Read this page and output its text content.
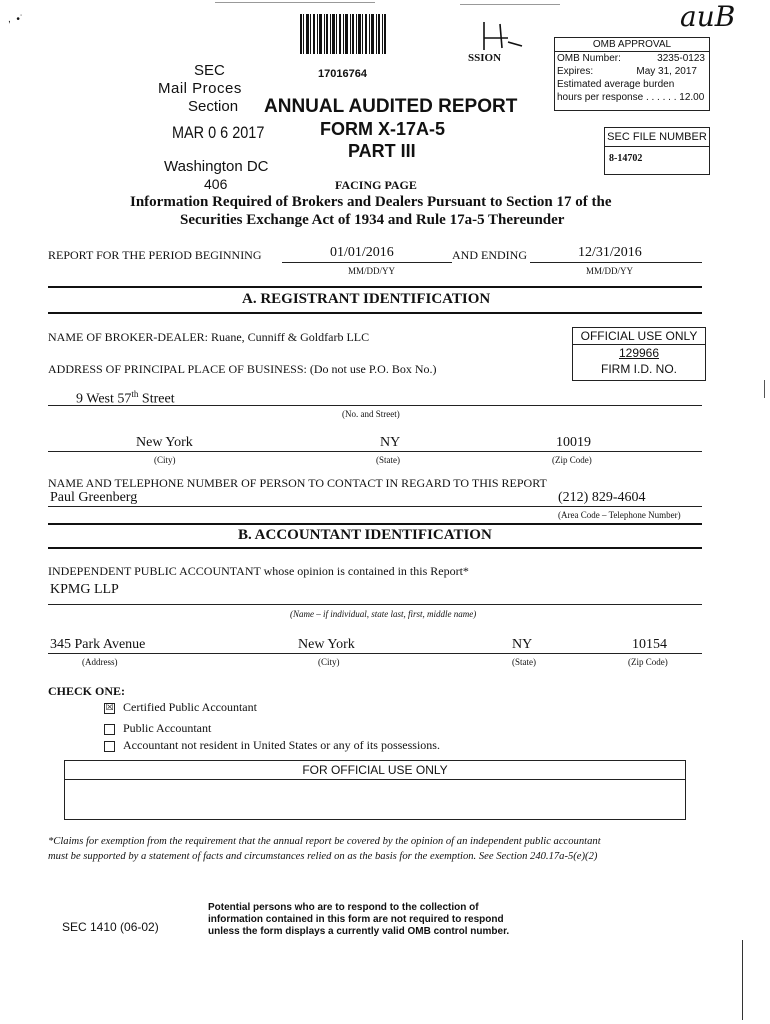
,  •˙	auB
SEC
Mail Proces
Section
MAR 0 6 2017
Washington DC
406
17016764
SSION
ANNUAL AUDITED REPORT
FORM X-17A-5
PART III
OMB APPROVAL
OMB Number:	3235-0123
Expires:	May 31, 2017
Estimated average burden
hours per response . . . . . . 12.00
SEC FILE NUMBER
8-14702
FACING PAGE
Information Required of Brokers and Dealers Pursuant to Section 17 of the
Securities Exchange Act of 1934 and Rule 17a-5 Thereunder
REPORT FOR THE PERIOD BEGINNING	01/01/2016	AND ENDING	12/31/2016
MM/DD/YY	MM/DD/YY
A. REGISTRANT IDENTIFICATION
OFFICIAL USE ONLY
129966
FIRM I.D. NO.
NAME OF BROKER-DEALER: Ruane, Cunniff & Goldfarb LLC
ADDRESS OF PRINCIPAL PLACE OF BUSINESS: (Do not use P.O. Box No.)
9 West 57th Street
(No. and Street)
New York	NY	10019
(City)	(State)	(Zip Code)
NAME AND TELEPHONE NUMBER OF PERSON TO CONTACT IN REGARD TO THIS REPORT
Paul Greenberg	(212) 829-4604
(Area Code – Telephone Number)
B. ACCOUNTANT IDENTIFICATION
INDEPENDENT PUBLIC ACCOUNTANT whose opinion is contained in this Report*
KPMG LLP
(Name – if individual, state last, first, middle name)
345 Park Avenue	New York	NY	10154
(Address)	(City)	(State)	(Zip Code)
CHECK ONE:
☒ Certified Public Accountant
Public Accountant
Accountant not resident in United States or any of its possessions.
FOR OFFICIAL USE ONLY
*Claims for exemption from the requirement that the annual report be covered by the opinion of an independent public accountant
must be supported by a statement of facts and circumstances relied on as the basis for the exemption. See Section 240.17a-5(e)(2)
SEC 1410 (06-02)
Potential persons who are to respond to the collection of
information contained in this form are not required to respond
unless the form displays a currently valid OMB control number.
